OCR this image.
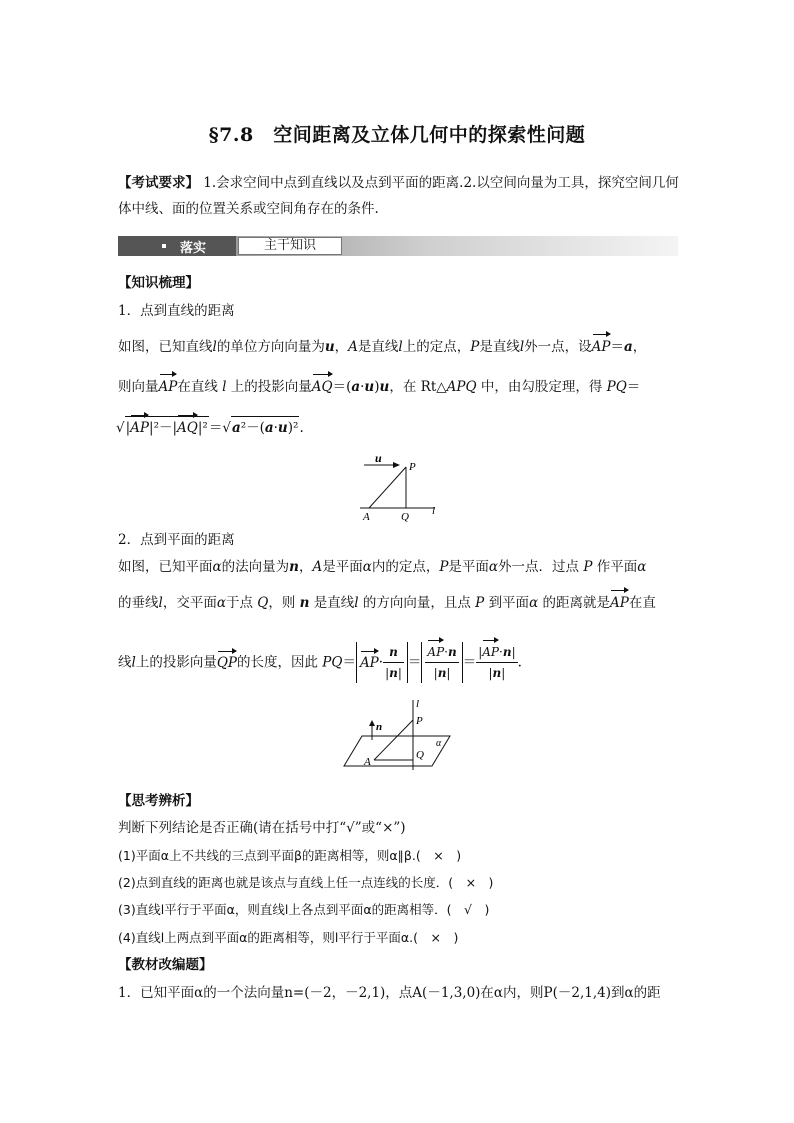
§7.8　空间距离及立体几何中的探索性问题
【考试要求】 1.会求空间中点到直线以及点到平面的距离.2.以空间向量为工具，探究空间几何
体中线、面的位置关系或空间角存在的条件.
落实	主干知识
【知识梳理】
1．点到直线的距离
如图，已知直线l的单位方向向量为u，A是直线l上的定点，P是直线l外一点，设AP＝a，
则向量AP在直线 l 上的投影向量AQ＝(a·u)u，在 Rt△APQ 中，由勾股定理，得 PQ＝
√|AP|²－|AQ|²＝√a²－(a·u)².
u
P
A	Q l
2．点到平面的距离
如图，已知平面α的法向量为n，A是平面α内的定点，P是平面α外一点．过点 P 作平面α
的垂线l，交平面α于点 Q，则 n 是直线l 的方向向量，且点 P 到平面α 的距离就是AP在直
线l上的投影向量QP的长度，因此 $PQ= AP\cdot \frac{n}{|n|} = \frac{AP\cdot n}{|n|} = \frac{|AP\cdot n|}{|n|}$ .
l
n	P
α
A
Q
【思考辨析】
判断下列结论是否正确(请在括号中打“√”或“×”)
(1)平面α上不共线的三点到平面β的距离相等，则α∥β.(　×　)
(2)点到直线的距离也就是该点与直线上任一点连线的长度．(　×　)
(3)直线l平行于平面α，则直线l上各点到平面α的距离相等．(　√　)
(4)直线l上两点到平面α的距离相等，则l平行于平面α.(　×　)
【教材改编题】
1．已知平面α的一个法向量n=(－2，－2,1)，点A(－1,3,0)在α内，则P(－2,1,4)到α的距
